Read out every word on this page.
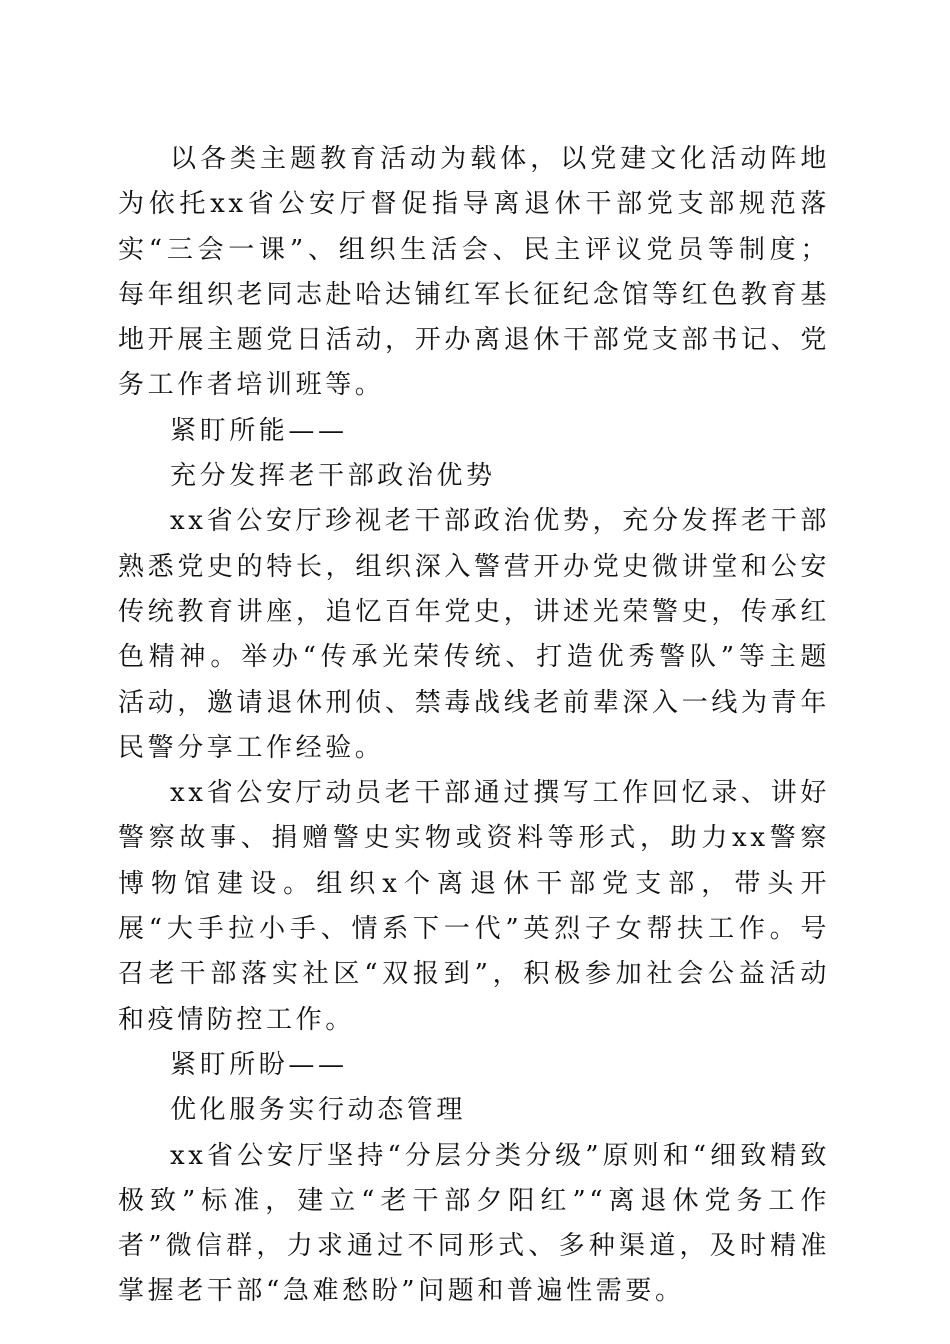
以各类主题教育活动为载体，以党建文化活动阵地为依托xx省公安厅督促指导离退休干部党支部规范落实“三会一课”、组织生活会、民主评议党员等制度；每年组织老同志赴哈达铺红军长征纪念馆等红色教育基地开展主题党日活动，开办离退休干部党支部书记、党务工作者培训班等。

紧盯所能——

充分发挥老干部政治优势

xx省公安厅珍视老干部政治优势，充分发挥老干部熟悉党史的特长，组织深入警营开办党史微讲堂和公安传统教育讲座，追忆百年党史，讲述光荣警史，传承红色精神。举办“传承光荣传统、打造优秀警队”等主题活动，邀请退休刑侦、禁毒战线老前辈深入一线为青年民警分享工作经验。

xx省公安厅动员老干部通过撰写工作回忆录、讲好警察故事、捐赠警史实物或资料等形式，助力xx警察博物馆建设。组织x个离退休干部党支部，带头开展“大手拉小手、情系下一代”英烈子女帮扶工作。号召老干部落实社区“双报到”，积极参加社会公益活动和疫情防控工作。

紧盯所盼——

优化服务实行动态管理

xx省公安厅坚持“分层分类分级”原则和“细致精致极致”标准，建立“老干部夕阳红”“离退休党务工作者”微信群，力求通过不同形式、多种渠道，及时精准掌握老干部“急难愁盼”问题和普遍性需要。
